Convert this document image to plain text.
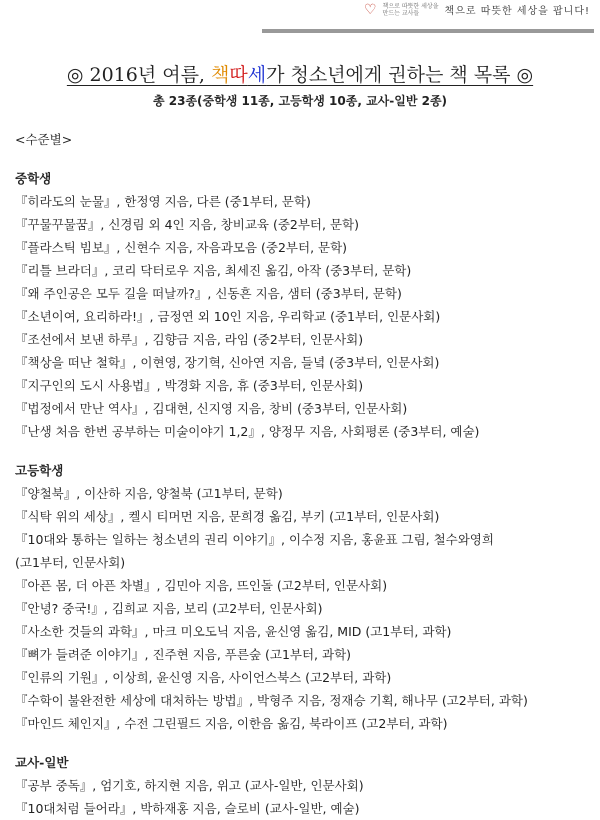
♡ 책으로 따뜻한 세상을 만드는 교사들	책으로 따뜻한 세상을 팝니다!
◎ 2016년 여름, 책따세가 청소년에게 권하는 책 목록 ◎
총 23종(중학생 11종, 고등학생 10종, 교사-일반 2종)
<수준별>
중학생
『히라도의 눈물』, 한정영 지음, 다른 (중1부터, 문학)
『꾸물꾸물꿈』, 신경림 외 4인 지음, 창비교육 (중2부터, 문학)
『플라스틱 빔보』, 신현수 지음, 자음과모음 (중2부터, 문학)
『리틀 브라더』, 코리 닥터로우 지음, 최세진 옮김, 아작 (중3부터, 문학)
『왜 주인공은 모두 길을 떠날까?』, 신동흔 지음, 샘터 (중3부터, 문학)
『소년이여, 요리하라!』, 금정연 외 10인 지음, 우리학교 (중1부터, 인문사회)
『조선에서 보낸 하루』, 김향금 지음, 라임 (중2부터, 인문사회)
『책상을 떠난 철학』, 이현영, 장기혁, 신아연 지음, 들녘 (중3부터, 인문사회)
『지구인의 도시 사용법』, 박경화 지음, 휴 (중3부터, 인문사회)
『법정에서 만난 역사』, 김대현, 신지영 지음, 창비 (중3부터, 인문사회)
『난생 처음 한번 공부하는 미술이야기 1,2』, 양정무 지음, 사회평론 (중3부터, 예술)
고등학생
『양철북』, 이산하 지음, 양철북 (고1부터, 문학)
『식탁 위의 세상』, 켈시 티머먼 지음, 문희경 옮김, 부키 (고1부터, 인문사회)
『10대와 통하는 일하는 청소년의 권리 이야기』, 이수정 지음, 홍윤표 그림, 철수와영희
(고1부터, 인문사회)
『아픈 몸, 더 아픈 차별』, 김민아 지음, 뜨인돌 (고2부터, 인문사회)
『안녕? 중국!』, 김희교 지음, 보리 (고2부터, 인문사회)
『사소한 것들의 과학』, 마크 미오도닉 지음, 윤신영 옮김, MID (고1부터, 과학)
『뼈가 들려준 이야기』, 진주현 지음, 푸른숲 (고1부터, 과학)
『인류의 기원』, 이상희, 윤신영 지음, 사이언스북스 (고2부터, 과학)
『수학이 불완전한 세상에 대처하는 방법』, 박형주 지음, 정재승 기획, 해나무 (고2부터, 과학)
『마인드 체인지』, 수전 그린필드 지음, 이한음 옮김, 북라이프 (고2부터, 과학)
교사-일반
『공부 중독』, 엄기호, 하지현 지음, 위고 (교사-일반, 인문사회)
『10대처럼 들어라』, 박하재홍 지음, 슬로비 (교사-일반, 예술)
